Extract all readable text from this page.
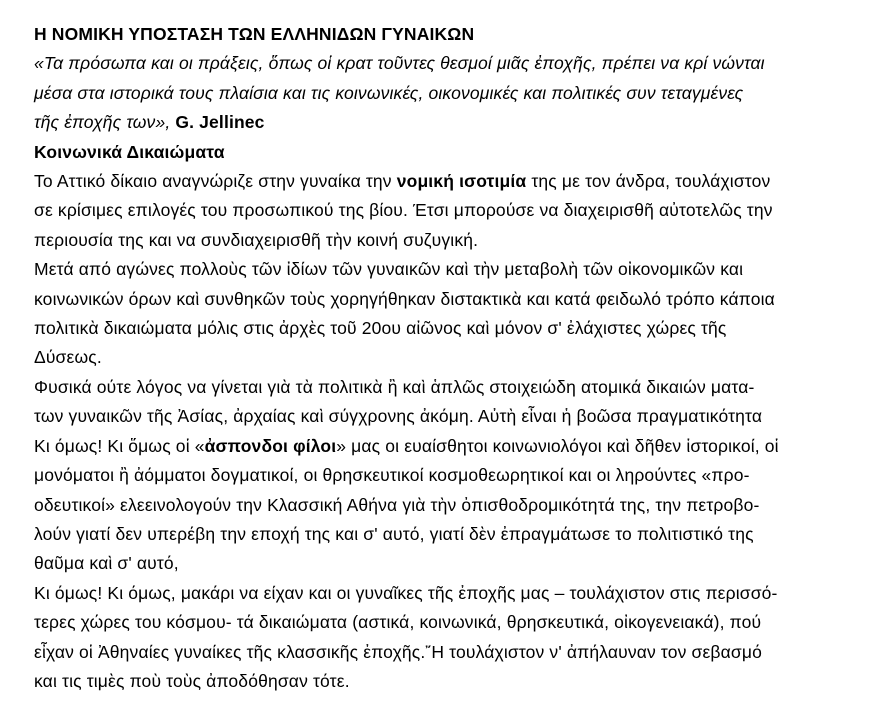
Η ΝΟΜΙΚΗ ΥΠΟΣΤΑΣΗ ΤΩΝ ΕΛΛΗΝΙΔΩΝ ΓΥΝΑΙΚΩΝ
«Τα πρόσωπα και οι πράξεις, ὅπως οἱ κρατ τοῦντες θεσμοί μιᾶς ἐποχῆς, πρέπει να κρί νώνται
μέσα στα ιστορικά τους πλαίσια και τις κοινωνικές, οικονομικές και πολιτικές συν τεταγμένες
τῆς ἐποχῆς των», G. Jellinec
Κοινωνικά Δικαιώματα
Το Αττικό δίκαιο αναγνώριζε στην γυναίκα την νομική ισοτιμία της με τον άνδρα, τουλάχιστον
σε κρίσιμες επιλογές του προσωπικού της βίου. Έτσι μπορούσε να διαχειρισθῆ αὐτοτελῶς την
περιουσία της και να συνδιαχειρισθῆ τὴν κοινή συζυγική.
Μετά από αγώνες πολλοὺς τῶν ἰδίων τῶν γυναικῶν καὶ τὴν μεταβολὴ τῶν οἰκονομικῶν και
κοινωνικών όρων καὶ συνθηκῶν τοὺς χορηγήθηκαν διστακτικὰ και κατά φειδωλό τρόπο κάποια
πολιτικὰ δικαιώματα μόλις στις ἀρχὲς τοῦ 20ου αἰῶνος καὶ μόνον σ' ἐλάχιστες χώρες τῆς
Δύσεως.
Φυσικά ούτε λόγος να γίνεται γιὰ τὰ πολιτικὰ ἢ καὶ ἁπλῶς στοιχειώδη ατομικά δικαιών ματα-
των γυναικῶν τῆς Ἀσίας, ἀρχαίας καὶ σύγχρονης ἀκόμη. Αὐτὴ εἶναι ἡ βοῶσα πραγματικότητα
Κι όμως! Κι ὅμως οἱ «ἀσπονδοι φίλοι» μας οι ευαίσθητοι κοινωνιολόγοι καὶ δῆθεν ἱστορικοί, οἱ
μονόματοι ἢ ἀόμματοι δογματικοί, οι θρησκευτικοί κοσμοθεωρητικοί και οι ληρούντες «προ-
οδευτικοί» ελεεινολογούν την Κλασσική Αθήνα γιὰ τὴν ὀπισθοδρομικότητά της, την πετροβο-
λούν γιατί δεν υπερέβη την εποχή της και σ' αυτό, γιατί δὲν ἐπραγμάτωσε το πολιτιστικό της
θαῦμα καὶ σ' αυτό,
Κι όμως! Κι όμως, μακάρι να είχαν και οι γυναῖκες τῆς ἐποχῆς μας – τουλάχιστον στις περισσό-
τερες χώρες του κόσμου- τά δικαιώματα (αστικά, κοινωνικά, θρησκευτικά, οἰκογενειακά), πού
εἶχαν οἱ Ἀθηναίες γυναίκες τῆς κλασσικῆς ἐποχῆς.῎Η τουλάχιστον ν' ἀπήλαυναν τον σεβασμό
και τις τιμὲς ποὺ τοὺς ἀποδόθησαν τότε.
